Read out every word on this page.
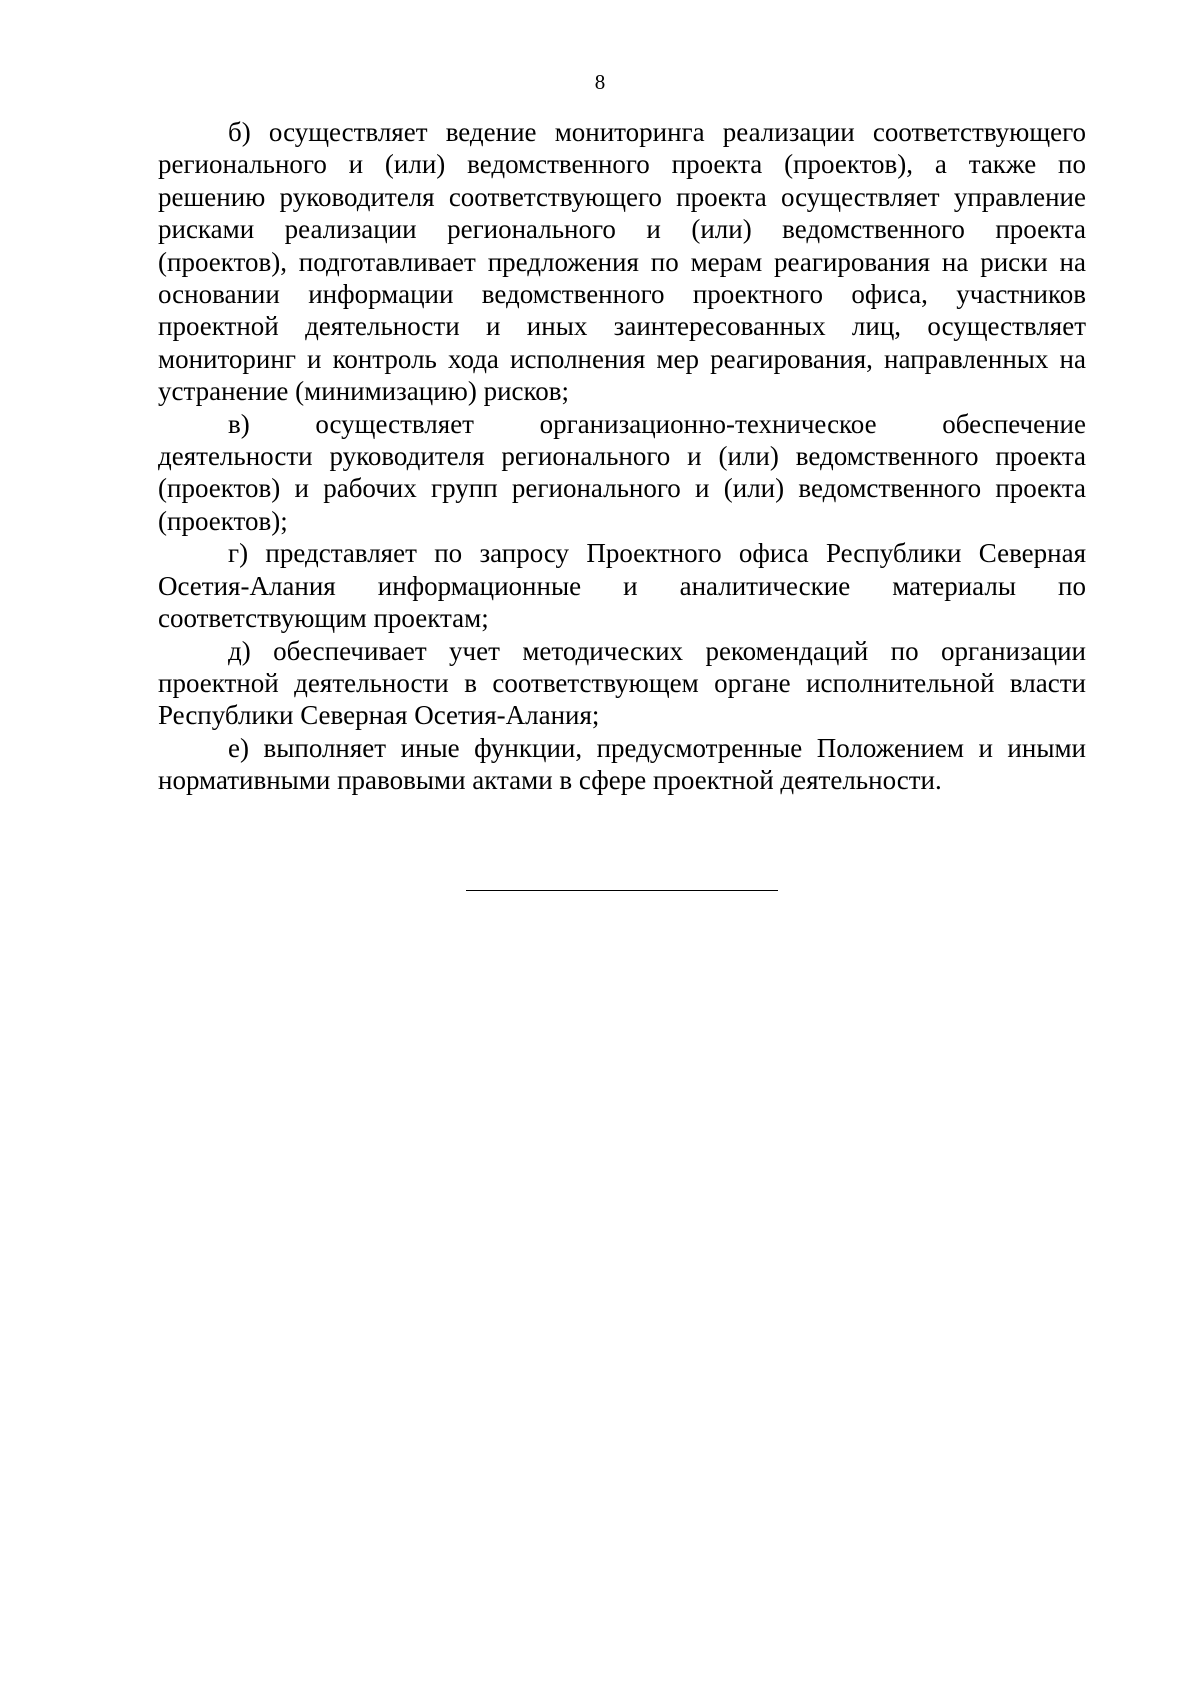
8
б) осуществляет ведение мониторинга реализации соответствующего
регионального и (или) ведомственного проекта (проектов), а также по
решению руководителя соответствующего проекта осуществляет управление
рисками реализации регионального и (или) ведомственного проекта
(проектов), подготавливает предложения по мерам реагирования на риски на
основании информации ведомственного проектного офиса, участников
проектной деятельности и иных заинтересованных лиц, осуществляет
мониторинг и контроль хода исполнения мер реагирования, направленных на
устранение (минимизацию) рисков;
в) осуществляет организационно-техническое обеспечение
деятельности руководителя регионального и (или) ведомственного проекта
(проектов) и рабочих групп регионального и (или) ведомственного проекта
(проектов);
г) представляет по запросу Проектного офиса Республики Северная
Осетия-Алания информационные и аналитические материалы по
соответствующим проектам;
д) обеспечивает учет методических рекомендаций по организации
проектной деятельности в соответствующем органе исполнительной власти
Республики Северная Осетия-Алания;
е) выполняет иные функции, предусмотренные Положением и иными
нормативными правовыми актами в сфере проектной деятельности.
